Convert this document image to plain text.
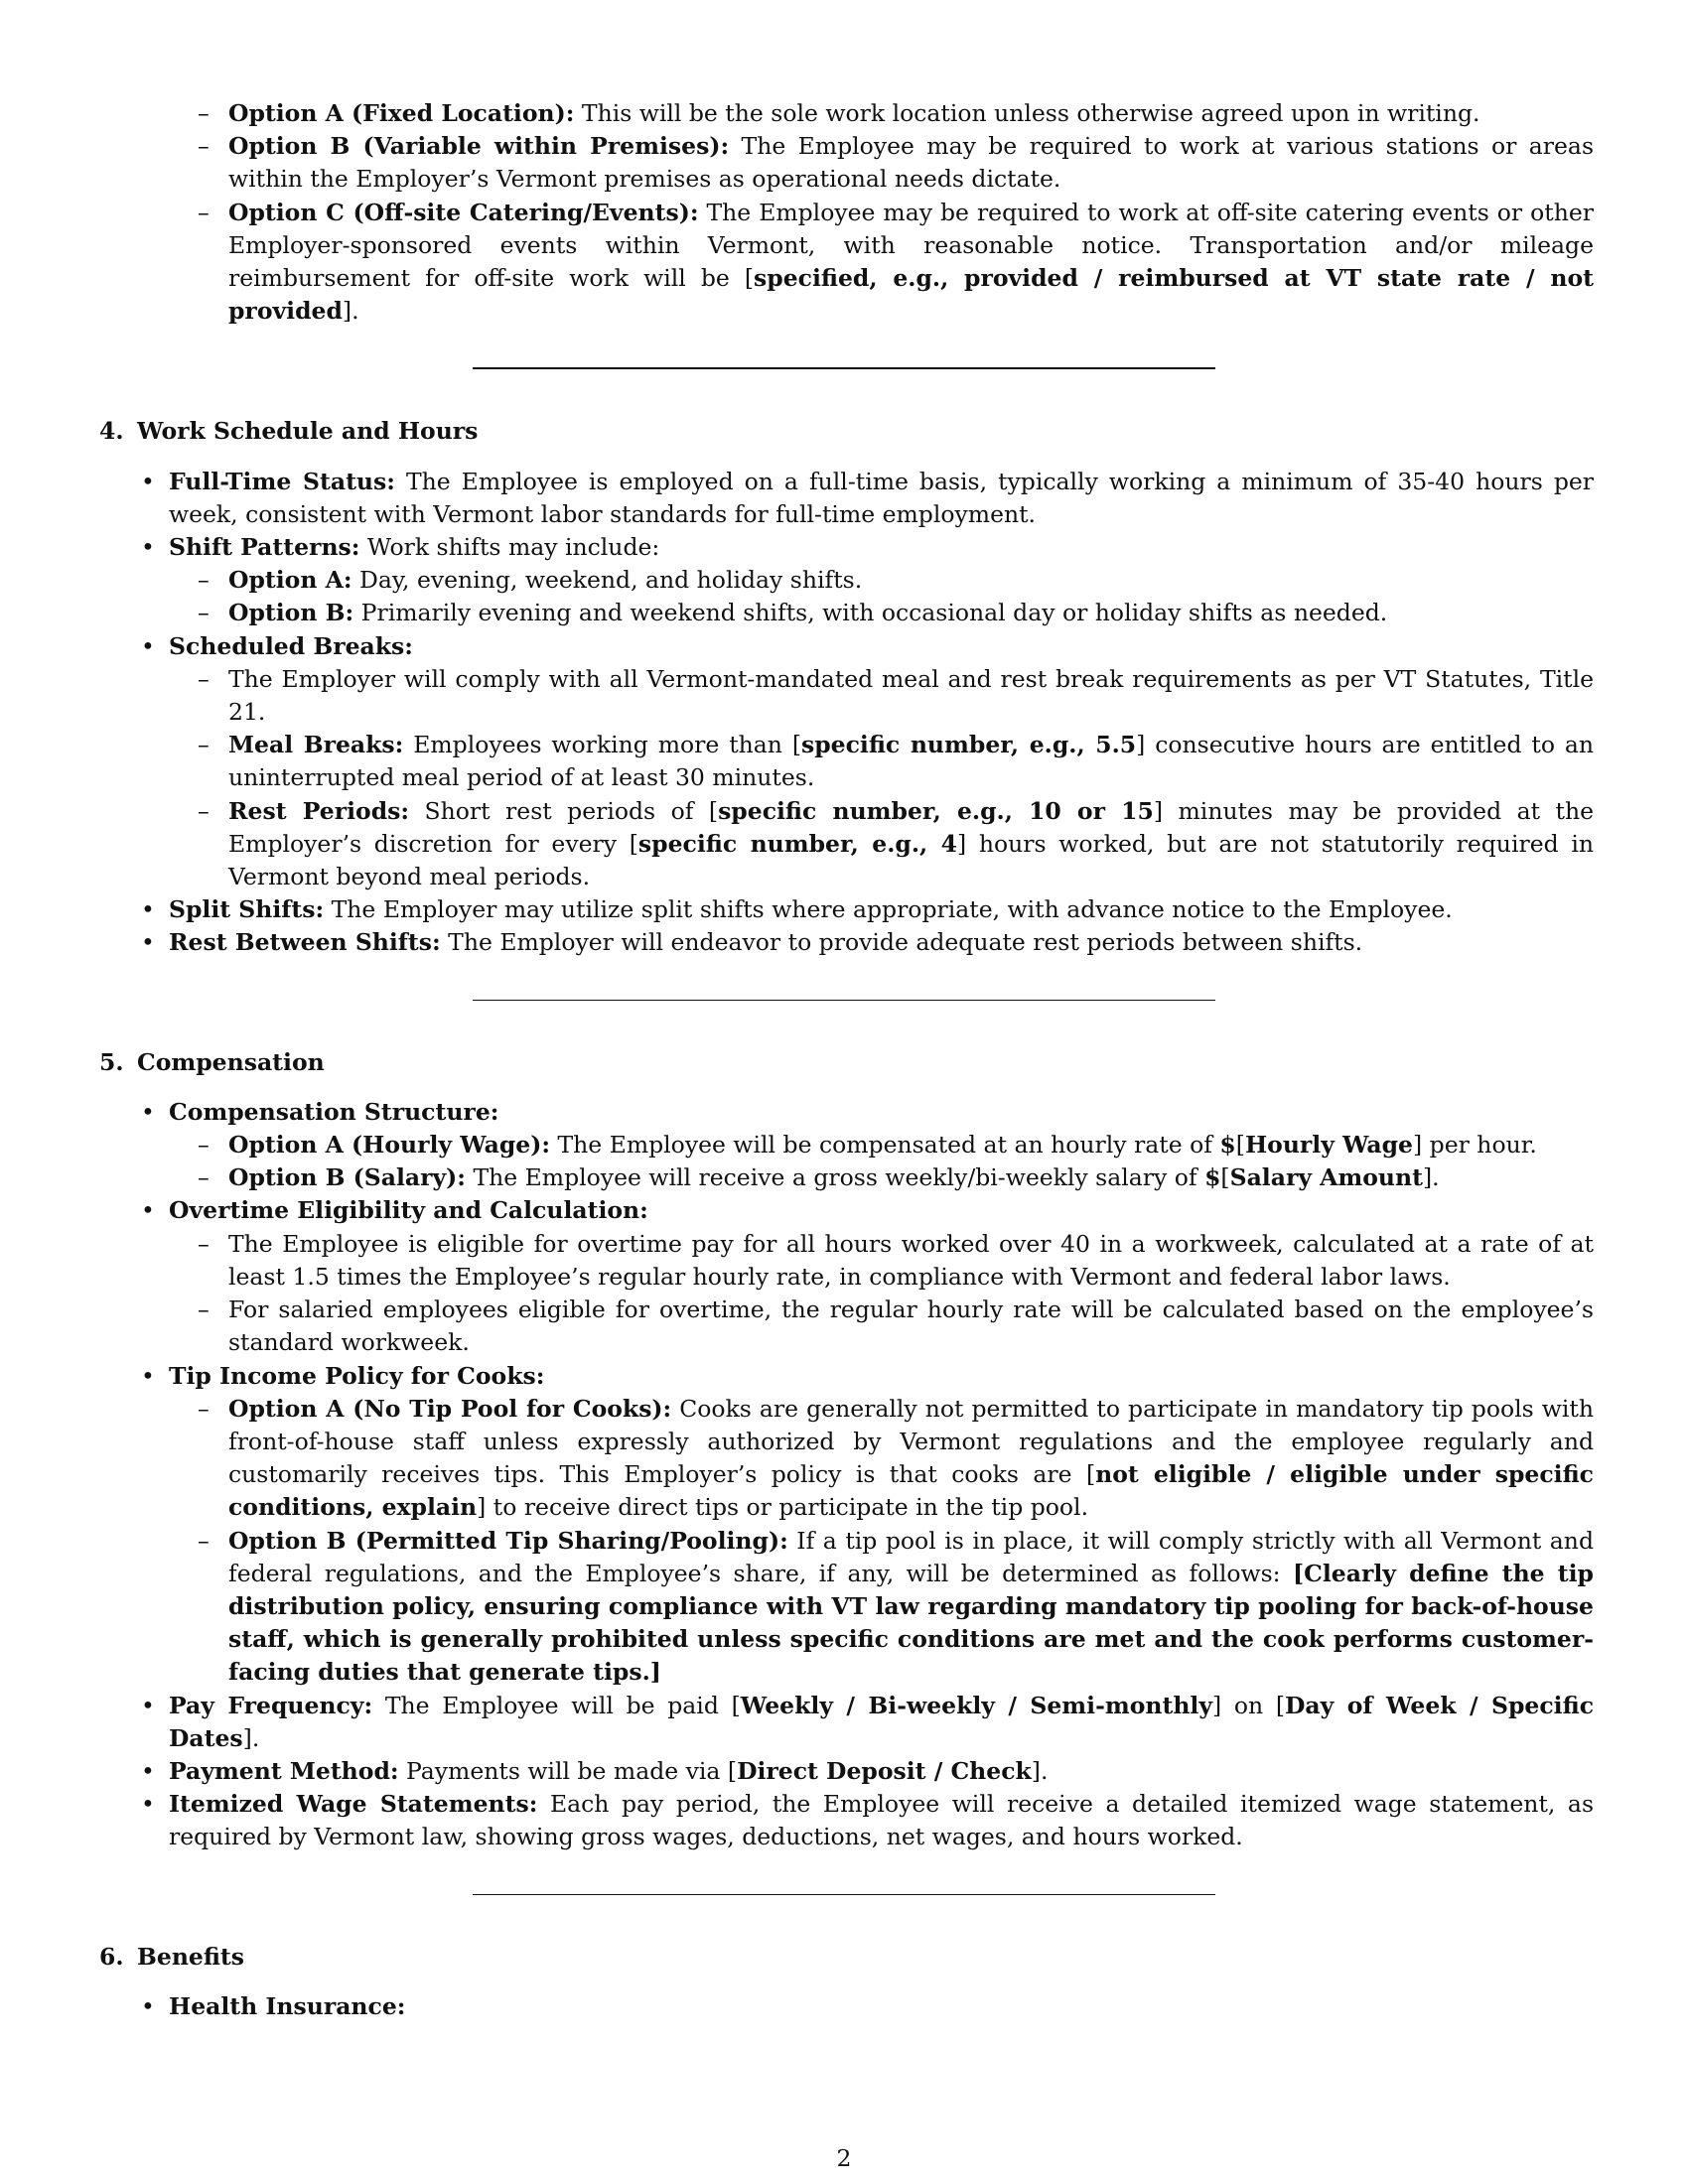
– Option A (Fixed Location): This will be the sole work location unless otherwise agreed upon in writing.
– Option B (Variable within Premises): The Employee may be required to work at various stations or areas within the Employer’s Vermont premises as operational needs dictate.
– Option C (Off-site Catering/Events): The Employee may be required to work at off-site catering events or other Employer-sponsored events within Vermont, with reasonable notice. Transportation and/or mileage reimbursement for off-site work will be [specified, e.g., provided / reimbursed at VT state rate / not provided].
4. Work Schedule and Hours
• Full-Time Status: The Employee is employed on a full-time basis, typically working a minimum of 35-40 hours per week, consistent with Vermont labor standards for full-time employment.
• Shift Patterns: Work shifts may include:
– Option A: Day, evening, weekend, and holiday shifts.
– Option B: Primarily evening and weekend shifts, with occasional day or holiday shifts as needed.
• Scheduled Breaks:
– The Employer will comply with all Vermont-mandated meal and rest break requirements as per VT Statutes, Title 21.
– Meal Breaks: Employees working more than [specific number, e.g., 5.5] consecutive hours are entitled to an uninterrupted meal period of at least 30 minutes.
– Rest Periods: Short rest periods of [specific number, e.g., 10 or 15] minutes may be provided at the Employer’s discretion for every [specific number, e.g., 4] hours worked, but are not statutorily required in Vermont beyond meal periods.
• Split Shifts: The Employer may utilize split shifts where appropriate, with advance notice to the Employee.
• Rest Between Shifts: The Employer will endeavor to provide adequate rest periods between shifts.
5. Compensation
• Compensation Structure:
– Option A (Hourly Wage): The Employee will be compensated at an hourly rate of $[Hourly Wage] per hour.
– Option B (Salary): The Employee will receive a gross weekly/bi-weekly salary of $[Salary Amount].
• Overtime Eligibility and Calculation:
– The Employee is eligible for overtime pay for all hours worked over 40 in a workweek, calculated at a rate of at least 1.5 times the Employee’s regular hourly rate, in compliance with Vermont and federal labor laws.
– For salaried employees eligible for overtime, the regular hourly rate will be calculated based on the employee’s standard workweek.
• Tip Income Policy for Cooks:
– Option A (No Tip Pool for Cooks): Cooks are generally not permitted to participate in mandatory tip pools with front-of-house staff unless expressly authorized by Vermont regulations and the employee regularly and customarily receives tips. This Employer’s policy is that cooks are [not eligible / eligible under specific conditions, explain] to receive direct tips or participate in the tip pool.
– Option B (Permitted Tip Sharing/Pooling): If a tip pool is in place, it will comply strictly with all Vermont and federal regulations, and the Employee’s share, if any, will be determined as follows: [Clearly define the tip distribution policy, ensuring compliance with VT law regarding mandatory tip pooling for back-of-house staff, which is generally prohibited unless specific conditions are met and the cook performs customer-facing duties that generate tips.]
• Pay Frequency: The Employee will be paid [Weekly / Bi-weekly / Semi-monthly] on [Day of Week / Specific Dates].
• Payment Method: Payments will be made via [Direct Deposit / Check].
• Itemized Wage Statements: Each pay period, the Employee will receive a detailed itemized wage statement, as required by Vermont law, showing gross wages, deductions, net wages, and hours worked.
6. Benefits
• Health Insurance:
2
